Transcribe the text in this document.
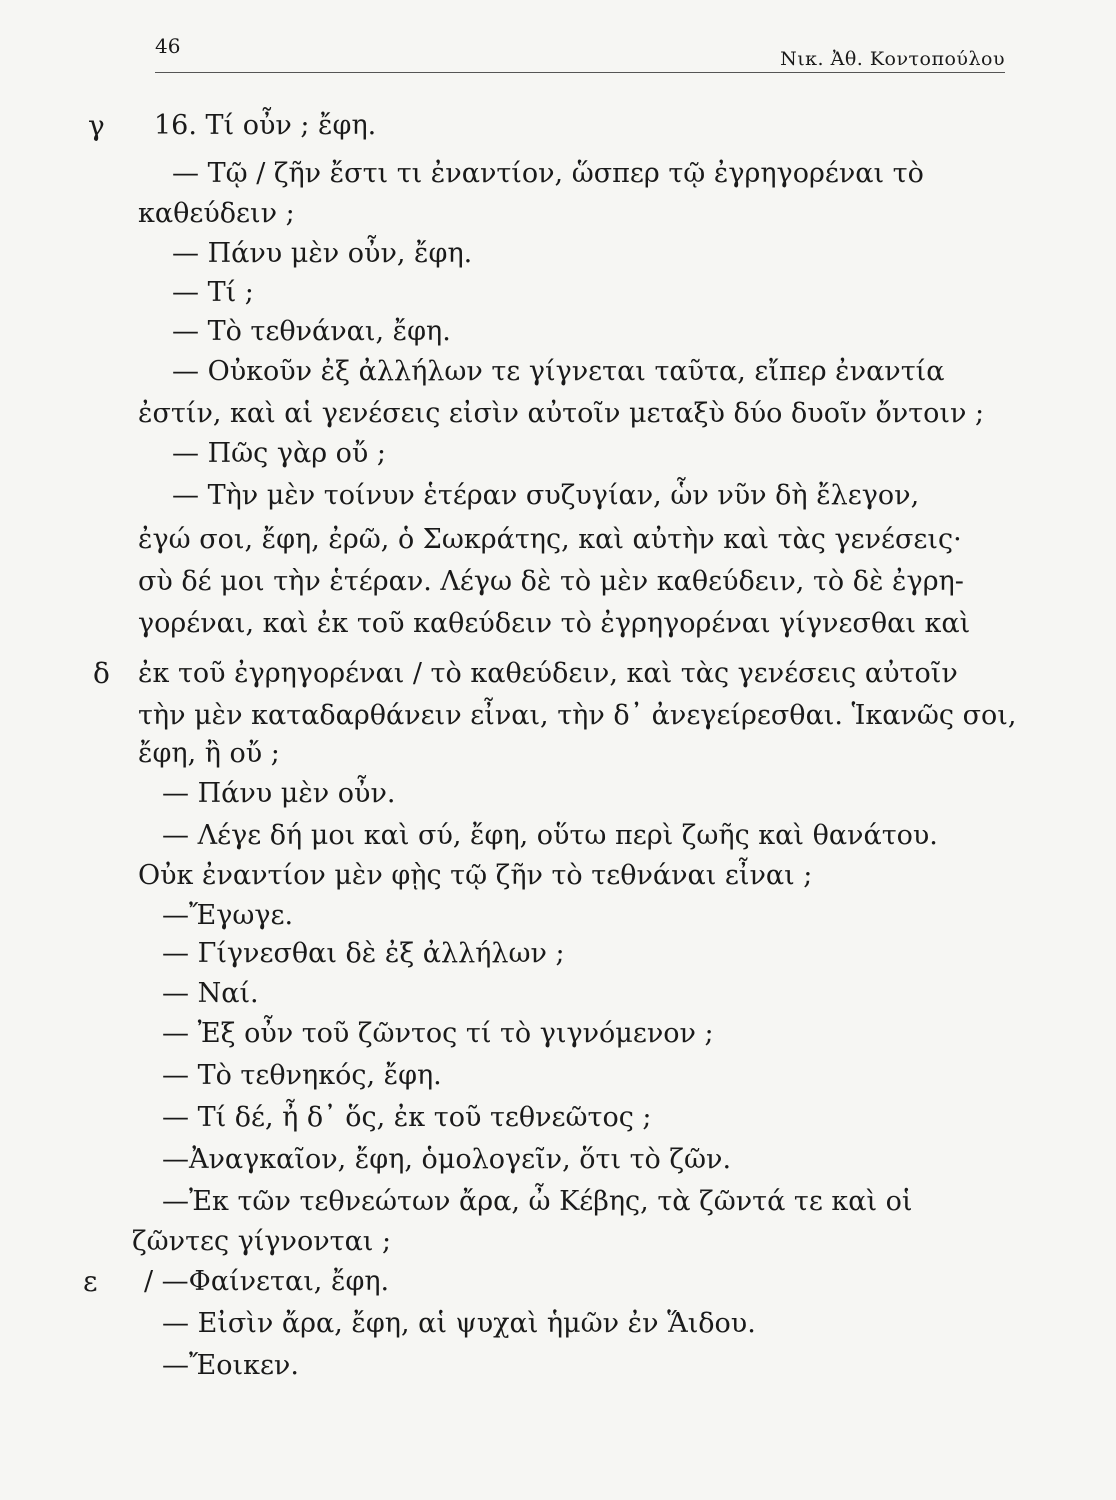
46
Νικ. Ἀθ. Κοντοπούλου
γ
δ
ε
16. Τί οὖν ; ἔφη.
— Τῷ / ζῆν ἔστι τι ἐναντίον, ὥσπερ τῷ ἐγρηγορέναι τὸ
καθεύδειν ;
— Πάνυ μὲν οὖν, ἔφη.
— Τί ;
— Τὸ τεθνάναι, ἔφη.
— Οὐκοῦν ἐξ ἀλλήλων τε γίγνεται ταῦτα, εἴπερ ἐναντία
ἐστίν, καὶ αἱ γενέσεις εἰσὶν αὐτοῖν μεταξὺ δύο δυοῖν ὄντοιν ;
— Πῶς γὰρ οὔ ;
— Τὴν μὲν τοίνυν ἑτέραν συζυγίαν, ὧν νῦν δὴ ἔλεγον,
ἐγώ σοι, ἔφη, ἐρῶ, ὁ Σωκράτης, καὶ αὐτὴν καὶ τὰς γενέσεις·
σὺ δέ μοι τὴν ἑτέραν. Λέγω δὲ τὸ μὲν καθεύδειν, τὸ δὲ ἐγρη-
γορέναι, καὶ ἐκ τοῦ καθεύδειν τὸ ἐγρηγορέναι γίγνεσθαι καὶ
ἐκ τοῦ ἐγρηγορέναι / τὸ καθεύδειν, καὶ τὰς γενέσεις αὐτοῖν
τὴν μὲν καταδαρθάνειν εἶναι, τὴν δ᾽ ἀνεγείρεσθαι. Ἱκανῶς σοι,
ἔφη, ἢ οὔ ;
— Πάνυ μὲν οὖν.
— Λέγε δή μοι καὶ σύ, ἔφη, οὕτω περὶ ζωῆς καὶ θανάτου.
Οὐκ ἐναντίον μὲν φῂς τῷ ζῆν τὸ τεθνάναι εἶναι ;
—Ἔγωγε.
— Γίγνεσθαι δὲ ἐξ ἀλλήλων ;
— Ναί.
— Ἐξ οὖν τοῦ ζῶντος τί τὸ γιγνόμενον ;
— Τὸ τεθνηκός, ἔφη.
— Τί δέ, ἦ δ᾽ ὅς, ἐκ τοῦ τεθνεῶτος ;
—Ἀναγκαῖον, ἔφη, ὁμολογεῖν, ὅτι τὸ ζῶν.
—Ἐκ τῶν τεθνεώτων ἄρα, ὦ Κέβης, τὰ ζῶντά τε καὶ οἱ
ζῶντες γίγνονται ;
/ —Φαίνεται, ἔφη.
— Εἰσὶν ἄρα, ἔφη, αἱ ψυχαὶ ἡμῶν ἐν Ἅιδου.
—Ἔοικεν.
